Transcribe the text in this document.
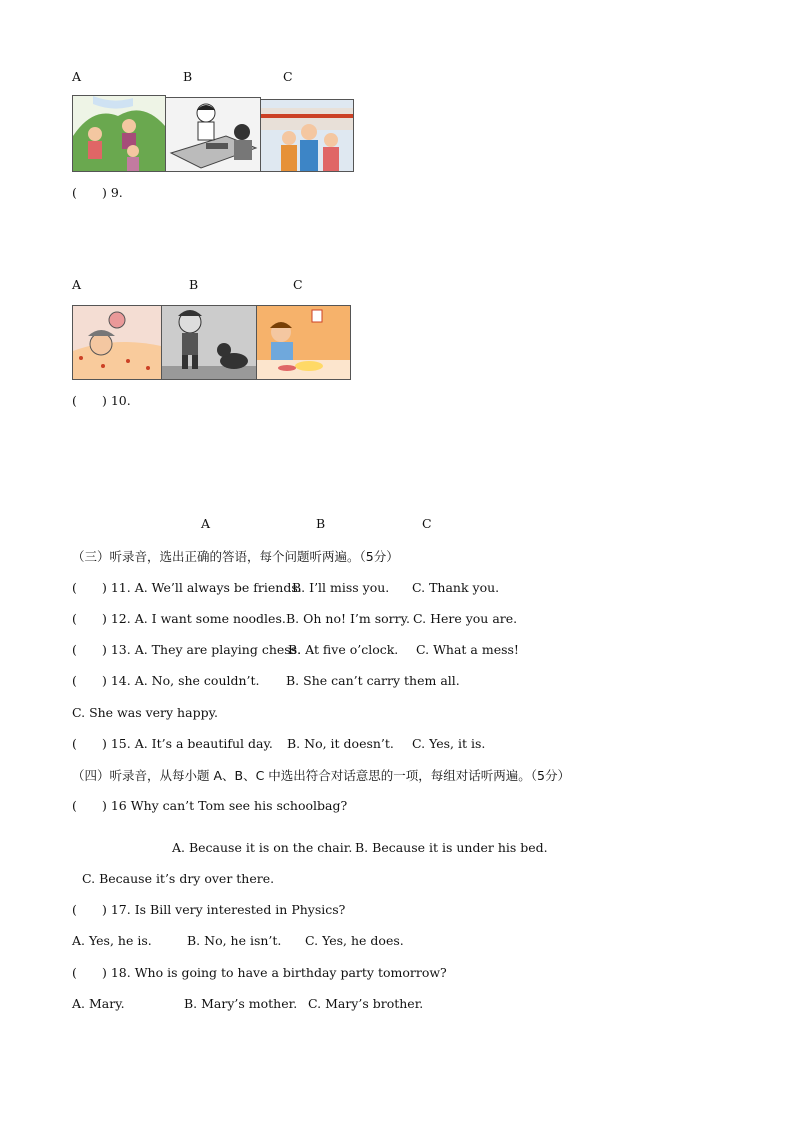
A	B	C
( ) 9.
A	B	C
( ) 10.
A	B	C
（三）听录音，选出正确的答语，每个问题听两遍。（5分）
( ) 11. A. We’ll always be friends.
B. I’ll miss you. C. Thank you.
( ) 12. A. I want some noodles. B. Oh no! I’m sorry. C. Here you are.
( ) 13. A. They are playing chess.
B. At five o’clock. C. What a mess!
( ) 14. A. No, she couldn’t. B. She can’t carry them all.
C. She was very happy.
( ) 15. A. It’s a beautiful day. B. No, it doesn’t. C. Yes, it is.
（四）听录音，从每小题 A、B、C 中选出符合对话意思的一项，每组对话听两遍。（5分）
( ) 16 Why can’t Tom see his schoolbag?
A. Because it is on the chair. B. Because it is under his bed.
C. Because it’s dry over there.
( ) 17. Is Bill very interested in Physics?
A. Yes, he is.	B. No, he isn’t. C. Yes, he does.
( ) 18. Who is going to have a birthday party tomorrow?
A. Mary.	B. Mary’s mother. C. Mary’s brother.
